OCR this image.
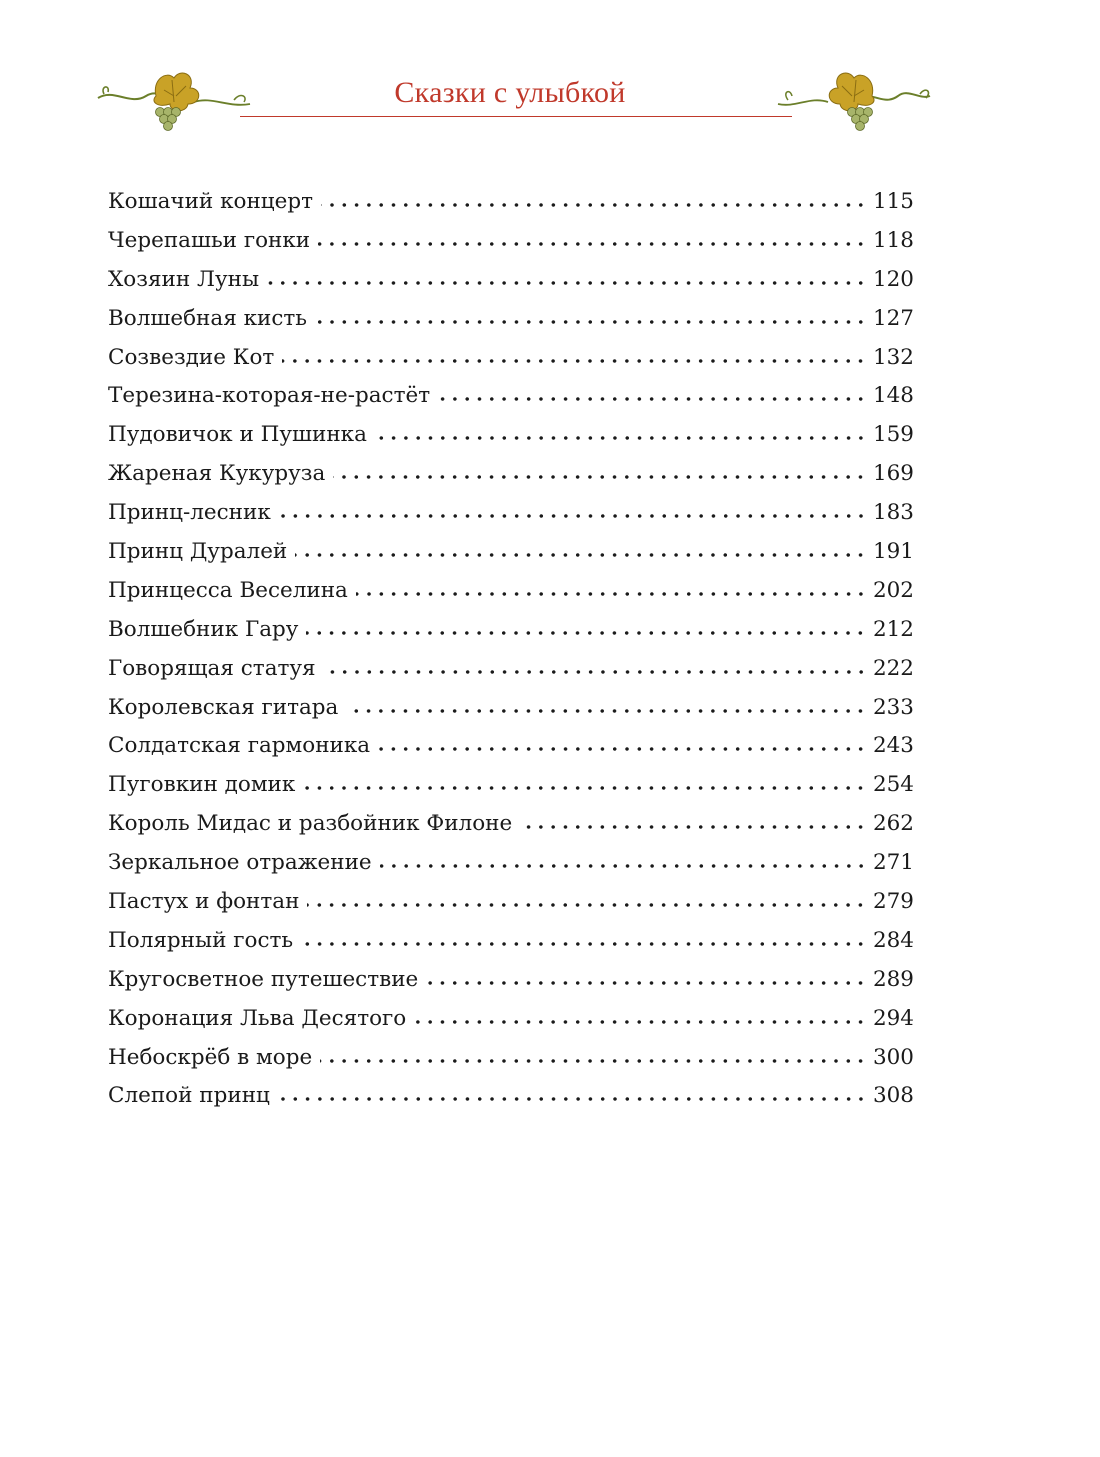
Сказки с улыбкой
Кошачий концерт	115
Черепашьи гонки	118
Хозяин Луны	120
Волшебная кисть	127
Созвездие Кот	132
Терезина-которая-не-растёт	148
Пудовичок и Пушинка	159
Жареная Кукуруза	169
Принц-лесник	183
Принц Дуралей	191
Принцесса Веселина	202
Волшебник Гару	212
Говорящая статуя	222
Королевская гитара	233
Солдатская гармоника	243
Пуговкин домик	254
Король Мидас и разбойник Филоне	262
Зеркальное отражение	271
Пастух и фонтан	279
Полярный гость	284
Кругосветное путешествие	289
Коронация Льва Десятого	294
Небоскрёб в море	300
Слепой принц	308
